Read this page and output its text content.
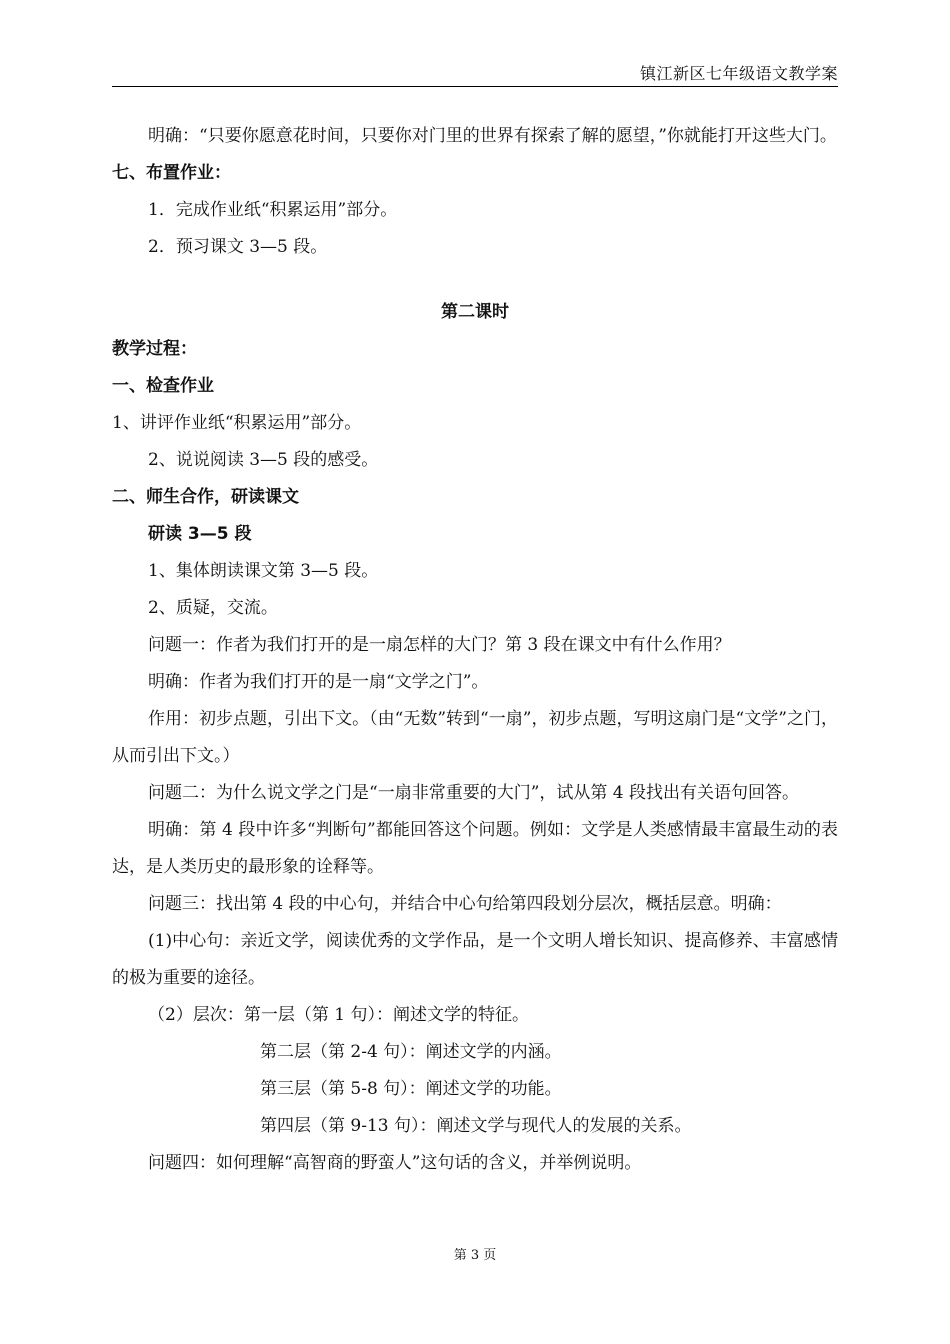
镇江新区七年级语文教学案

明确：“只要你愿意花时间，只要你对门里的世界有探索了解的愿望，”你就能打开这些大门。

七、布置作业：

1．完成作业纸“积累运用”部分。

2．预习课文 3—5 段。

第二课时

教学过程：

一、检查作业

1、讲评作业纸“积累运用”部分。

2、说说阅读 3—5 段的感受。

二、师生合作，研读课文

研读 3—5 段

1、集体朗读课文第 3—5 段。

2、质疑，交流。

问题一：作者为我们打开的是一扇怎样的大门？第 3 段在课文中有什么作用？

明确：作者为我们打开的是一扇“文学之门”。

作用：初步点题，引出下文。（由“无数”转到“一扇”，初步点题，写明这扇门是“文学”之门，从而引出下文。）

问题二：为什么说文学之门是“一扇非常重要的大门”，试从第 4 段找出有关语句回答。

明确：第 4 段中许多“判断句”都能回答这个问题。例如：文学是人类感情最丰富最生动的表达，是人类历史的最形象的诠释等。

问题三：找出第 4 段的中心句，并结合中心句给第四段划分层次，概括层意。明确：

(1)中心句：亲近文学，阅读优秀的文学作品，是一个文明人增长知识、提高修养、丰富感情的极为重要的途径。

（2）层次：第一层（第 1 句）：阐述文学的特征。

第二层（第 2-4 句）：阐述文学的内涵。

第三层（第 5-8 句）：阐述文学的功能。

第四层（第 9-13 句）：阐述文学与现代人的发展的关系。

问题四：如何理解“高智商的野蛮人”这句话的含义，并举例说明。

第 3 页
